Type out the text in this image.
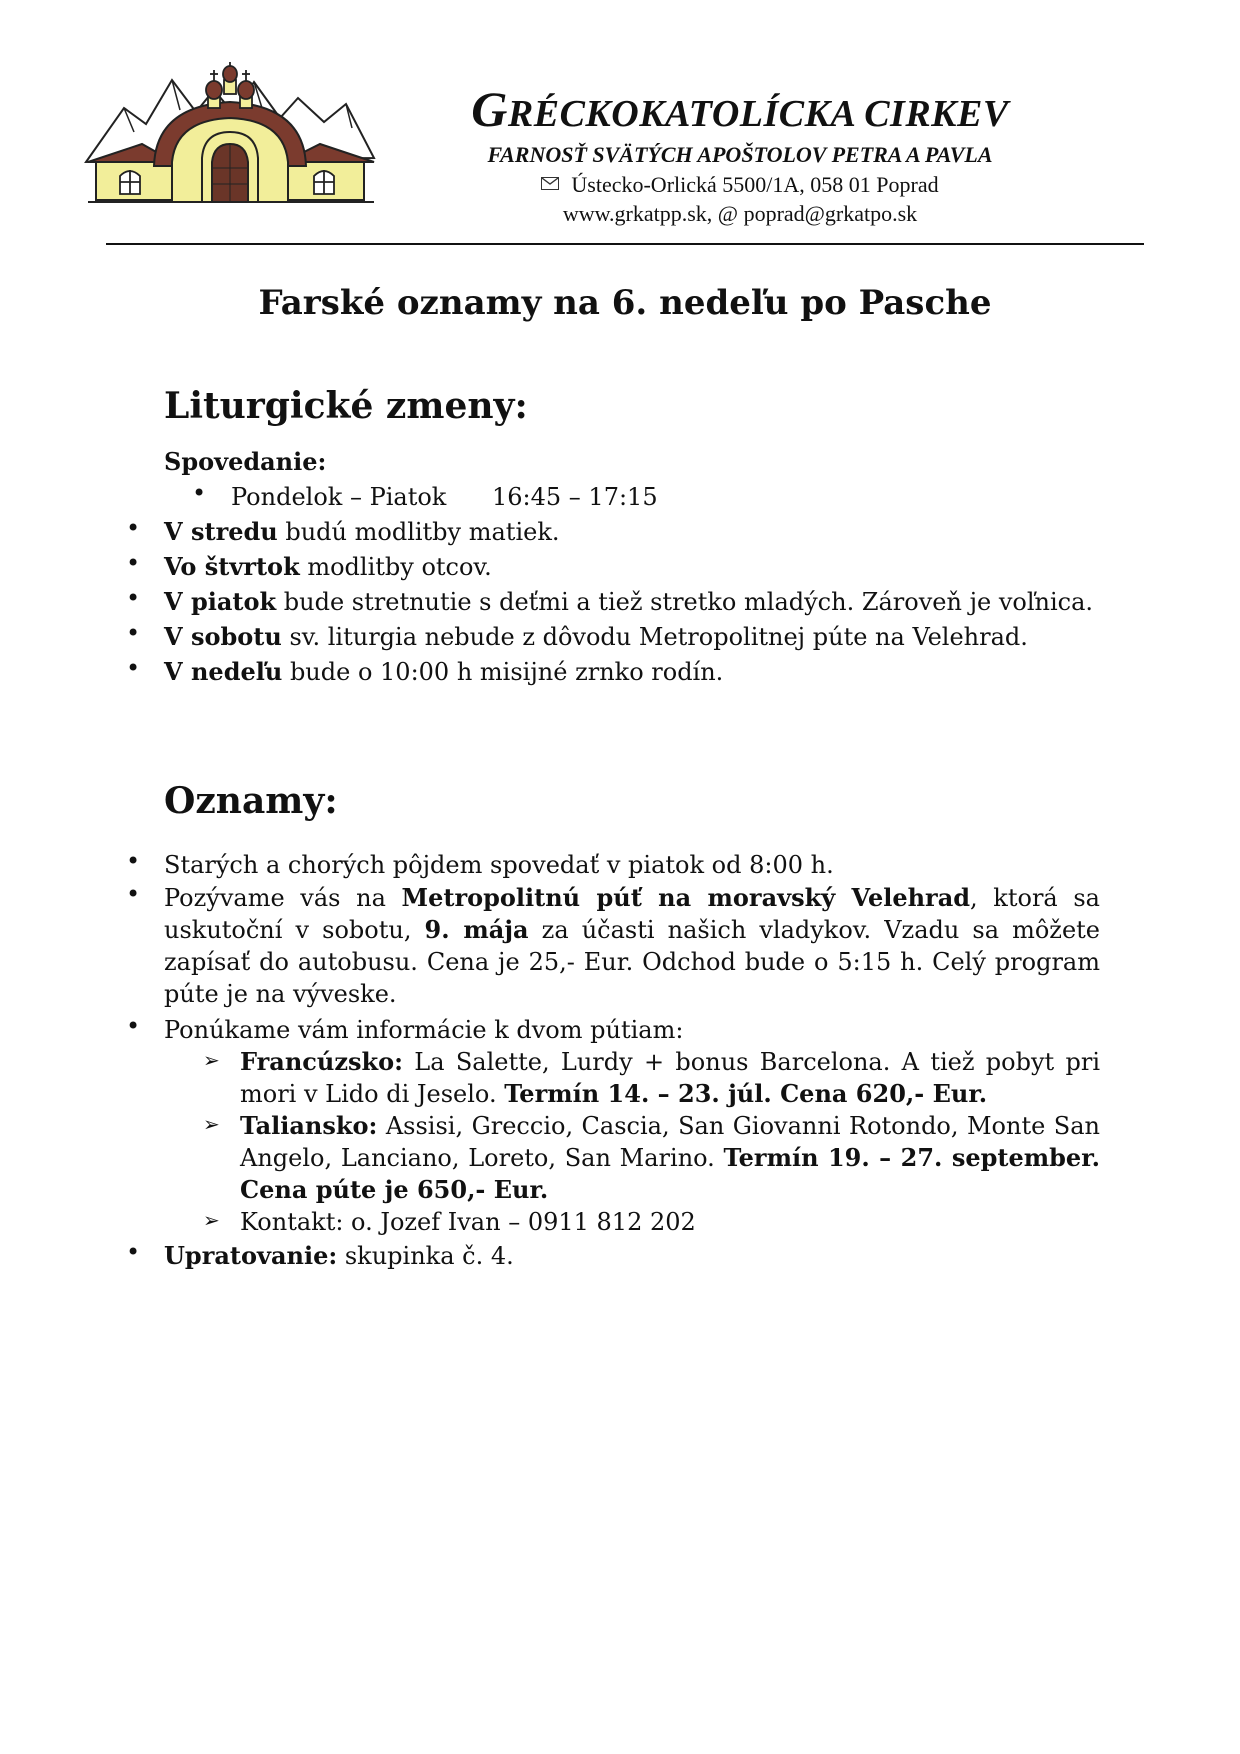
GRÉCKOKATOLÍCKA CIRKEV
FARNOSŤ SVÄTÝCH APOŠTOLOV PETRA A PAVLA
Ústecko-Orlická 5500/1A, 058 01 Poprad
www.grkatpp.sk, @ poprad@grkatpo.sk
Farské oznamy na 6. nedeľu po Pasche
Liturgické zmeny:
Spovedanie:
• Pondelok – Piatok 16:45 – 17:15
• V stredu budú modlitby matiek.
• Vo štvrtok modlitby otcov.
• V piatok bude stretnutie s deťmi a tiež stretko mladých. Zároveň je voľnica.
• V sobotu sv. liturgia nebude z dôvodu Metropolitnej púte na Velehrad.
• V nedeľu bude o 10:00 h misijné zrnko rodín.
Oznamy:
• Starých a chorých pôjdem spovedať v piatok od 8:00 h.
• Pozývame vás na Metropolitnú púť na moravský Velehrad, ktorá sa uskutoční v sobotu, 9. mája za účasti našich vladykov. Vzadu sa môžete zapísať do autobusu. Cena je 25,- Eur. Odchod bude o 5:15 h. Celý program púte je na výveske.
• Ponúkame vám informácie k dvom pútiam:
➢ Francúzsko: La Salette, Lurdy + bonus Barcelona. A tiež pobyt pri mori v Lido di Jeselo. Termín 14. – 23. júl. Cena 620,- Eur.
➢ Taliansko: Assisi, Greccio, Cascia, San Giovanni Rotondo, Monte San Angelo, Lanciano, Loreto, San Marino. Termín 19. – 27. september. Cena púte je 650,- Eur.
➢ Kontakt: o. Jozef Ivan – 0911 812 202
• Upratovanie: skupinka č. 4.
